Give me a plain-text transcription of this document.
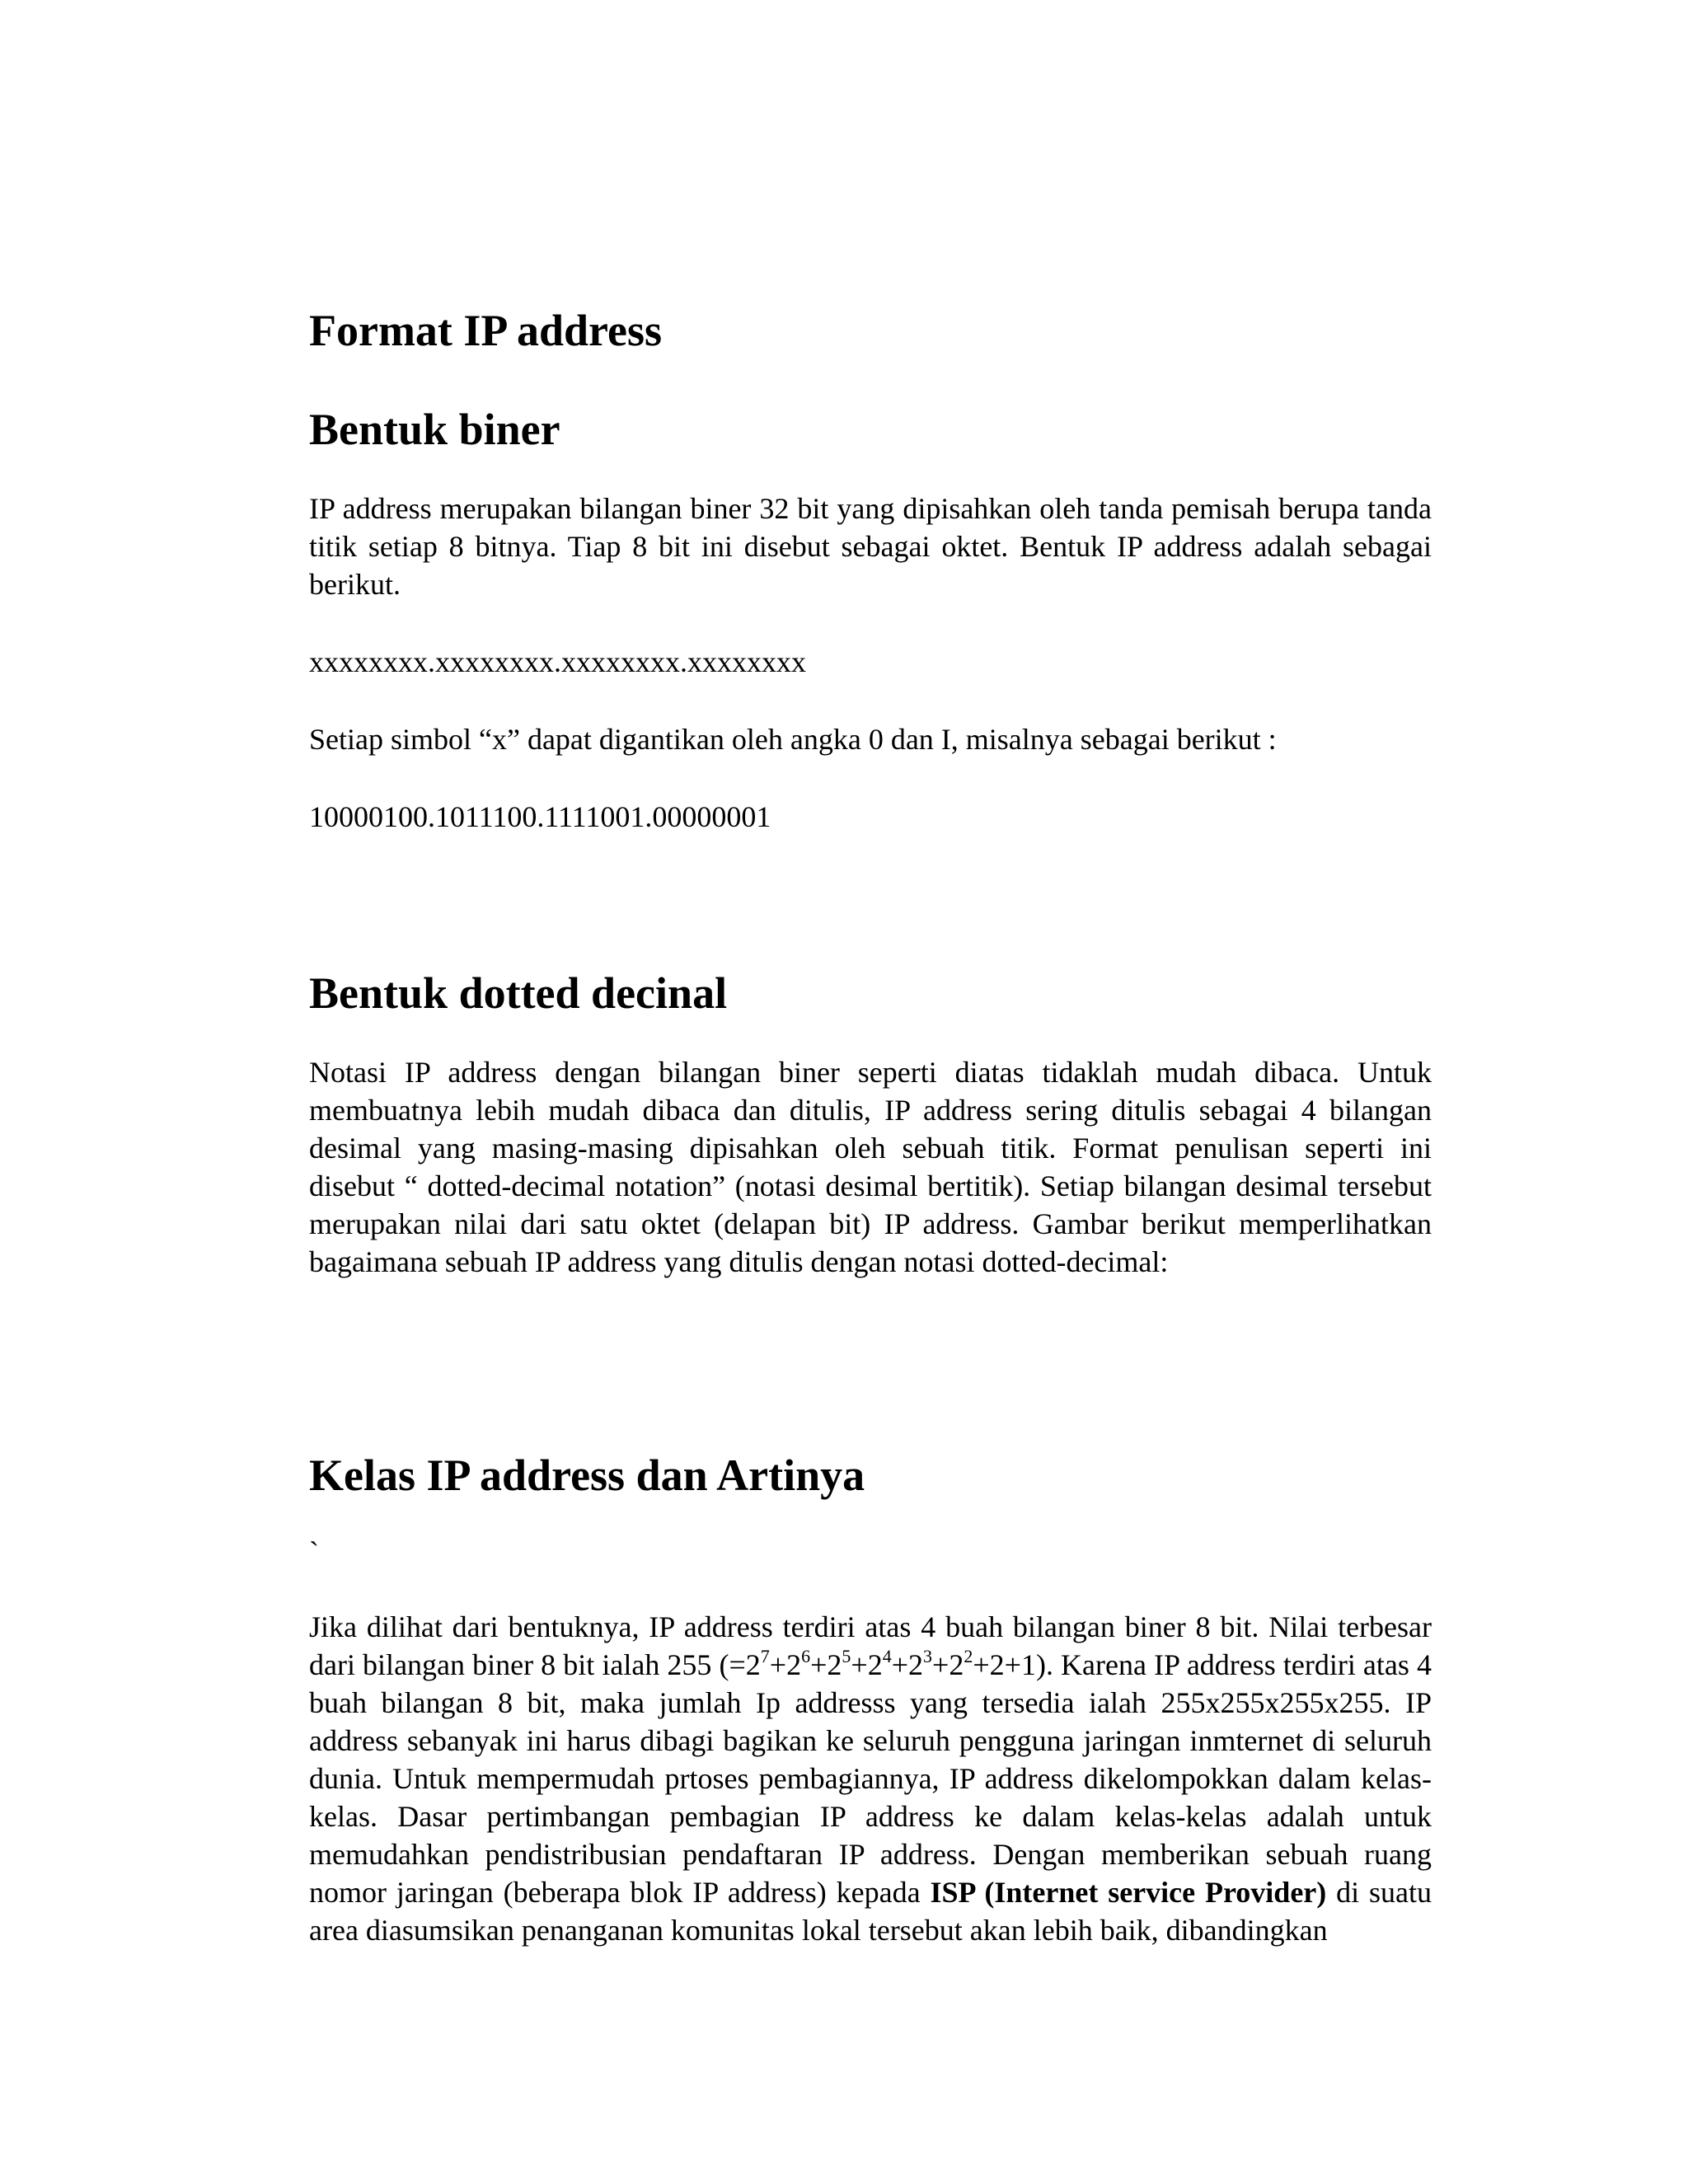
Format IP address
Bentuk biner

IP address merupakan bilangan biner 32 bit yang dipisahkan oleh tanda pemisah berupa tanda titik setiap 8 bitnya. Tiap 8 bit ini disebut sebagai oktet. Bentuk IP address adalah sebagai berikut.

xxxxxxxx.xxxxxxxx.xxxxxxxx.xxxxxxxx

Setiap simbol “x” dapat digantikan oleh angka 0 dan I, misalnya sebagai berikut :

10000100.1011100.1111001.00000001

Bentuk dotted decinal

Notasi IP address dengan bilangan biner seperti diatas tidaklah mudah dibaca. Untuk membuatnya lebih mudah dibaca dan ditulis, IP address sering ditulis sebagai 4 bilangan desimal yang masing-masing dipisahkan oleh sebuah titik. Format penulisan seperti ini disebut “ dotted-decimal notation” (notasi desimal bertitik). Setiap bilangan desimal tersebut merupakan nilai dari satu oktet (delapan bit) IP address. Gambar berikut memperlihatkan bagaimana sebuah IP address yang ditulis dengan notasi dotted-decimal:

Kelas IP address dan Artinya
`

Jika dilihat dari bentuknya, IP address terdiri atas 4 buah bilangan biner 8 bit. Nilai terbesar dari bilangan biner 8 bit ialah 255 $(=2^7+2^6+2^5+2^4+2^3+2^2+2+1)$. Karena IP address terdiri atas 4 buah bilangan 8 bit, maka jumlah Ip addresss yang tersedia ialah 255x255x255x255. IP address sebanyak ini harus dibagi bagikan ke seluruh pengguna jaringan inmternet di seluruh dunia. Untuk mempermudah prtoses pembagiannya, IP address dikelompokkan dalam kelas-kelas. Dasar pertimbangan pembagian IP address ke dalam kelas-kelas adalah untuk memudahkan pendistribusian pendaftaran IP address. Dengan memberikan sebuah ruang nomor jaringan (beberapa blok IP address) kepada ISP (Internet service Provider) di suatu area diasumsikan penanganan komunitas lokal tersebut akan lebih baik, dibandingkan
